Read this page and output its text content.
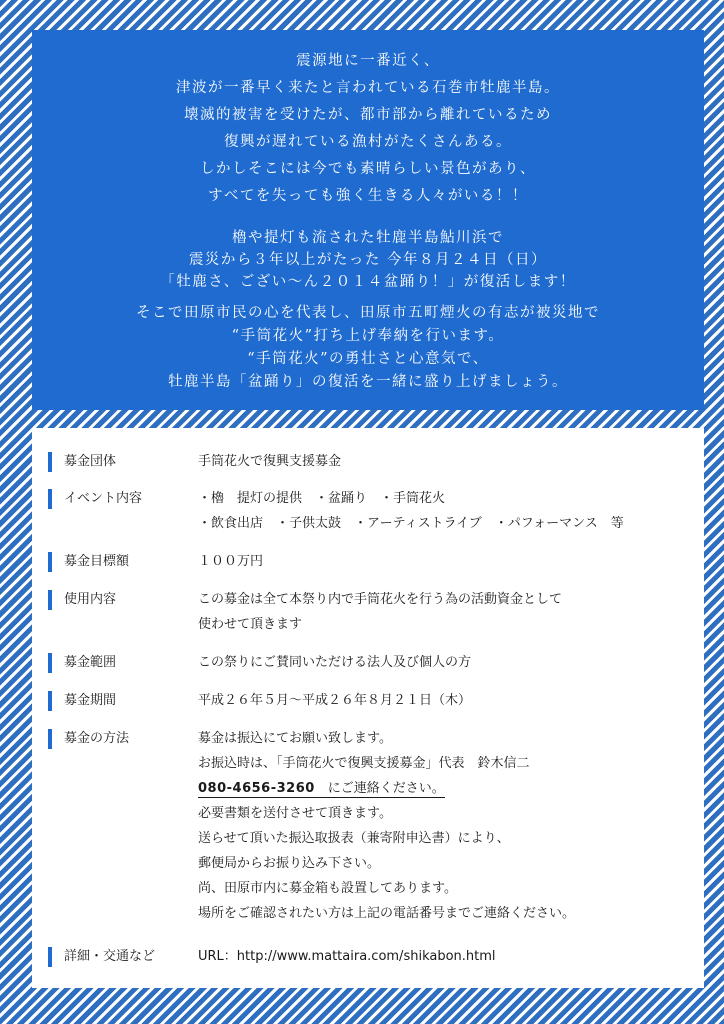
震源地に一番近く、
津波が一番早く来たと言われている石巻市牡鹿半島。
壊滅的被害を受けたが、都市部から離れているため
復興が遅れている漁村がたくさんある。
しかしそこには今でも素晴らしい景色があり、
すべてを失っても強く生きる人々がいる！！
櫓や提灯も流された牡鹿半島鮎川浜で
震災から３年以上がたった 今年８月２４日（日）
「牡鹿さ、ござい〜ん２０１４盆踊り！」が復活します！
そこで田原市民の心を代表し、田原市五町煙火の有志が被災地で
“手筒花火”打ち上げ奉納を行います。
“手筒花火”の勇壮さと心意気で、
牡鹿半島「盆踊り」の復活を一緒に盛り上げましょう。
募金団体	手筒花火で復興支援募金
イベント内容	・櫓　提灯の提供　・盆踊り　・手筒花火
・飲食出店　・子供太鼓　・アーティストライブ　・パフォーマンス　等
募金目標額	１００万円
使用内容	この募金は全て本祭り内で手筒花火を行う為の活動資金として
使わせて頂きます
募金範囲	この祭りにご賛同いただける法人及び個人の方
募金期間	平成２６年５月〜平成２６年８月２１日（木）
募金の方法	募金は振込にてお願い致します。
お振込時は、「手筒花火で復興支援募金」代表　鈴木信二
080-4656-3260　にご連絡ください。
必要書類を送付させて頂きます。
送らせて頂いた振込取扱表（兼寄附申込書）により、
郵便局からお振り込み下さい。
尚、田原市内に募金箱も設置してあります。
場所をご確認されたい方は上記の電話番号までご連絡ください。
詳細・交通など	URL：http://www.mattaira.com/shikabon.html
